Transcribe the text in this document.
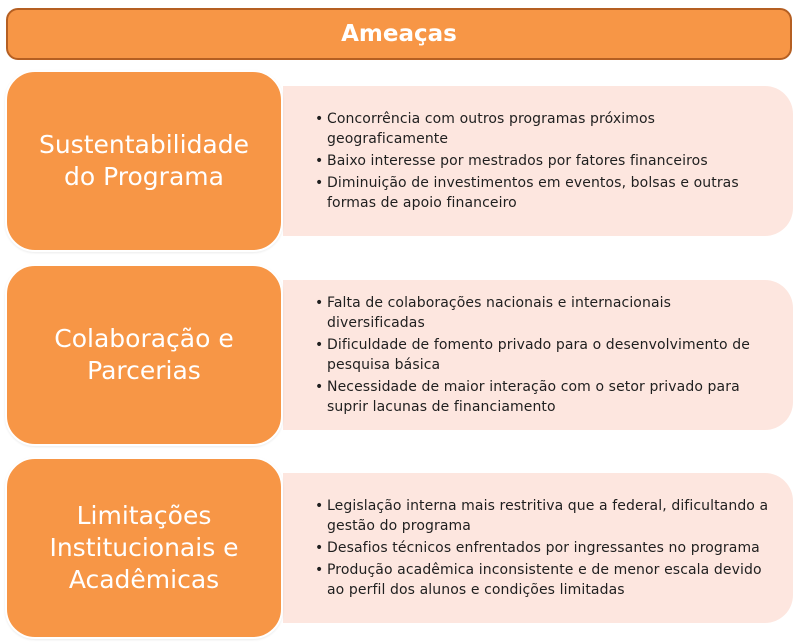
Ameaças
• Concorrência com outros programas próximos geograficamente
• Baixo interesse por mestrados por fatores financeiros
• Diminuição de investimentos em eventos, bolsas e outras formas de apoio financeiro
Sustentabilidade do Programa
• Falta de colaborações nacionais e internacionais diversificadas
• Dificuldade de fomento privado para o desenvolvimento de pesquisa básica
• Necessidade de maior interação com o setor privado para suprir lacunas de financiamento
Colaboração e Parcerias
• Legislação interna mais restritiva que a federal, dificultando a gestão do programa
• Desafios técnicos enfrentados por ingressantes no programa
• Produção acadêmica inconsistente e de menor escala devido ao perfil dos alunos e condições limitadas
Limitações Institucionais e Acadêmicas
